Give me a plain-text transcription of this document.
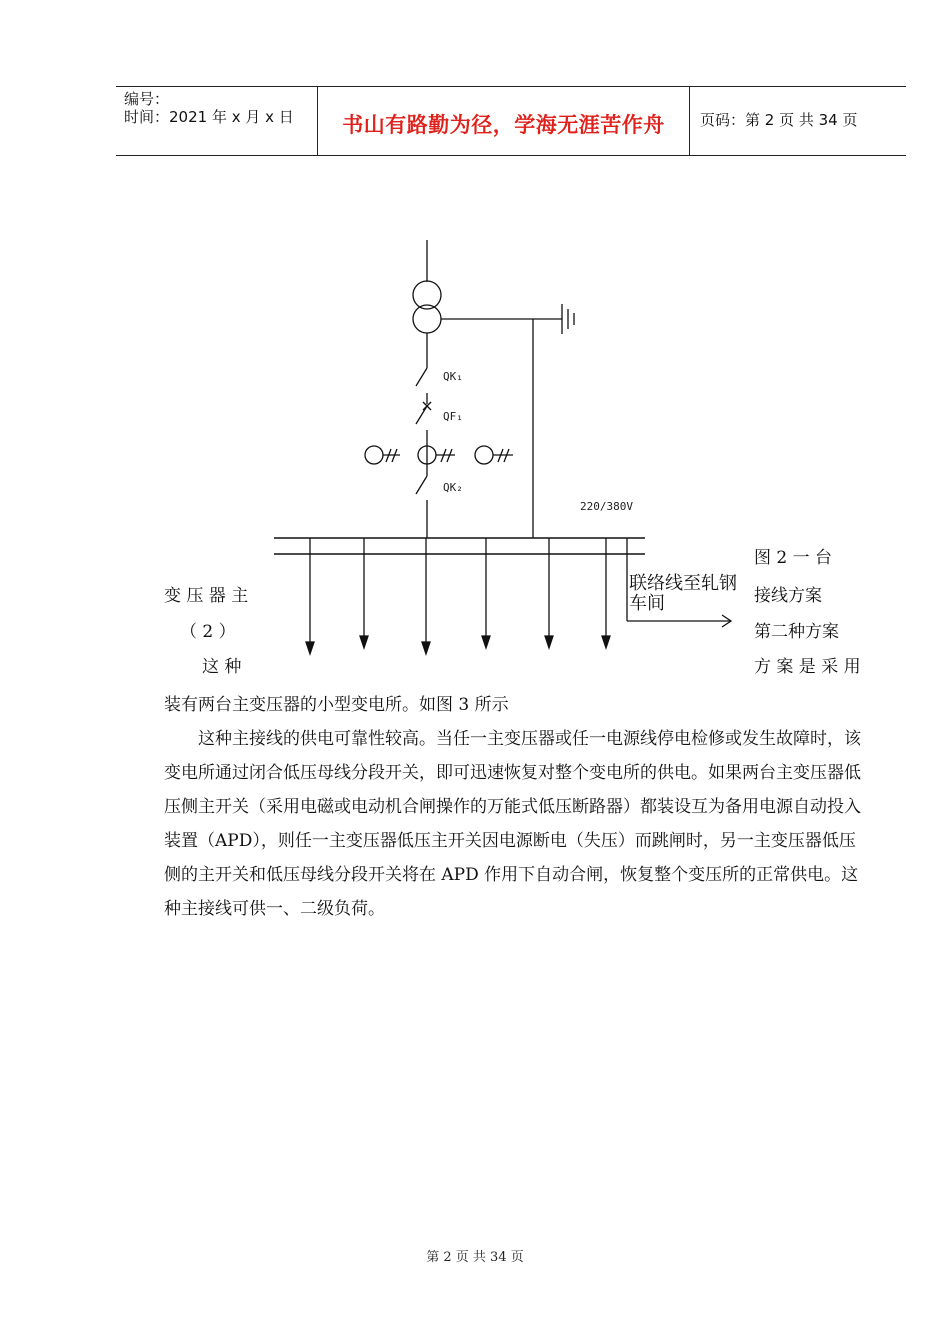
编号：
时间：2021 年 x 月 x 日	书山有路勤为径，学海无涯苦作舟	页码：第 2 页 共 34 页
QK₁
QF₁
QK₂
220/380V
联络线至轧钢
车间
变 压 器 主
（ 2 ）
这 种
图 2 一 台
接线方案
第二种方案
方 案 是 采 用

装有两台主变压器的小型变电所。如图 3 所示

这种主接线的供电可靠性较高。当任一主变压器或任一电源线停电检修或发生故障时，该变电所通过闭合低压母线分段开关，即可迅速恢复对整个变电所的供电。如果两台主变压器低压侧主开关（采用电磁或电动机合闸操作的万能式低压断路器）都装设互为备用电源自动投入装置（APD），则任一主变压器低压主开关因电源断电（失压）而跳闸时，另一主变压器低压侧的主开关和低压母线分段开关将在 APD 作用下自动合闸，恢复整个变压所的正常供电。这种主接线可供一、二级负荷。

第 2 页 共 34 页
